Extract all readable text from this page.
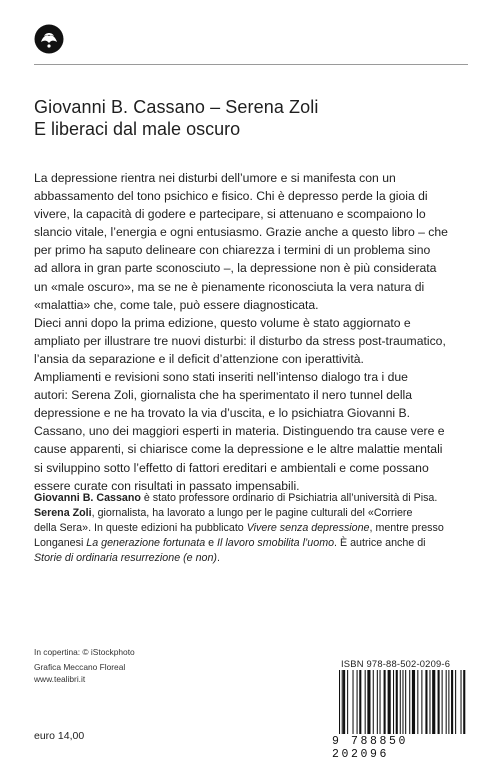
Giovanni B. Cassano – Serena Zoli
E liberaci dal male oscuro

La depressione rientra nei disturbi dell’umore e si manifesta con un

abbassamento del tono psichico e fisico. Chi è depresso perde la gioia di

vivere, la capacità di godere e partecipare, si attenuano e scompaiono lo

slancio vitale, l’energia e ogni entusiasmo. Grazie anche a questo libro – che

per primo ha saputo delineare con chiarezza i termini di un problema sino

ad allora in gran parte sconosciuto –, la depressione non è più considerata

un «male oscuro», ma se ne è pienamente riconosciuta la vera natura di

«malattia» che, come tale, può essere diagnosticata.

Dieci anni dopo la prima edizione, questo volume è stato aggiornato e

ampliato per illustrare tre nuovi disturbi: il disturbo da stress post-traumatico,

l’ansia da separazione e il deficit d’attenzione con iperattività.

Ampliamenti e revisioni sono stati inseriti nell’intenso dialogo tra i due

autori: Serena Zoli, giornalista che ha sperimentato il nero tunnel della

depressione e ne ha trovato la via d’uscita, e lo psichiatra Giovanni B.

Cassano, uno dei maggiori esperti in materia. Distinguendo tra cause vere e

cause apparenti, si chiarisce come la depressione e le altre malattie mentali

si sviluppino sotto l’effetto di fattori ereditari e ambientali e come possano

essere curate con risultati in passato impensabili.

Giovanni B. Cassano è stato professore ordinario di Psichiatria all’università di Pisa.
Serena Zoli, giornalista, ha lavorato a lungo per le pagine culturali del «Corriere
della Sera». In queste edizioni ha pubblicato Vivere senza depressione, mentre presso
Longanesi La generazione fortunata e Il lavoro smobilita l’uomo. È autrice anche di
Storie di ordinaria resurrezione (e non).
In copertina: © iStockphoto
Grafica Meccano Floreal
www.tealibri.it
euro 14,00
ISBN 978-88-502-0209-6
9 788850 202096
